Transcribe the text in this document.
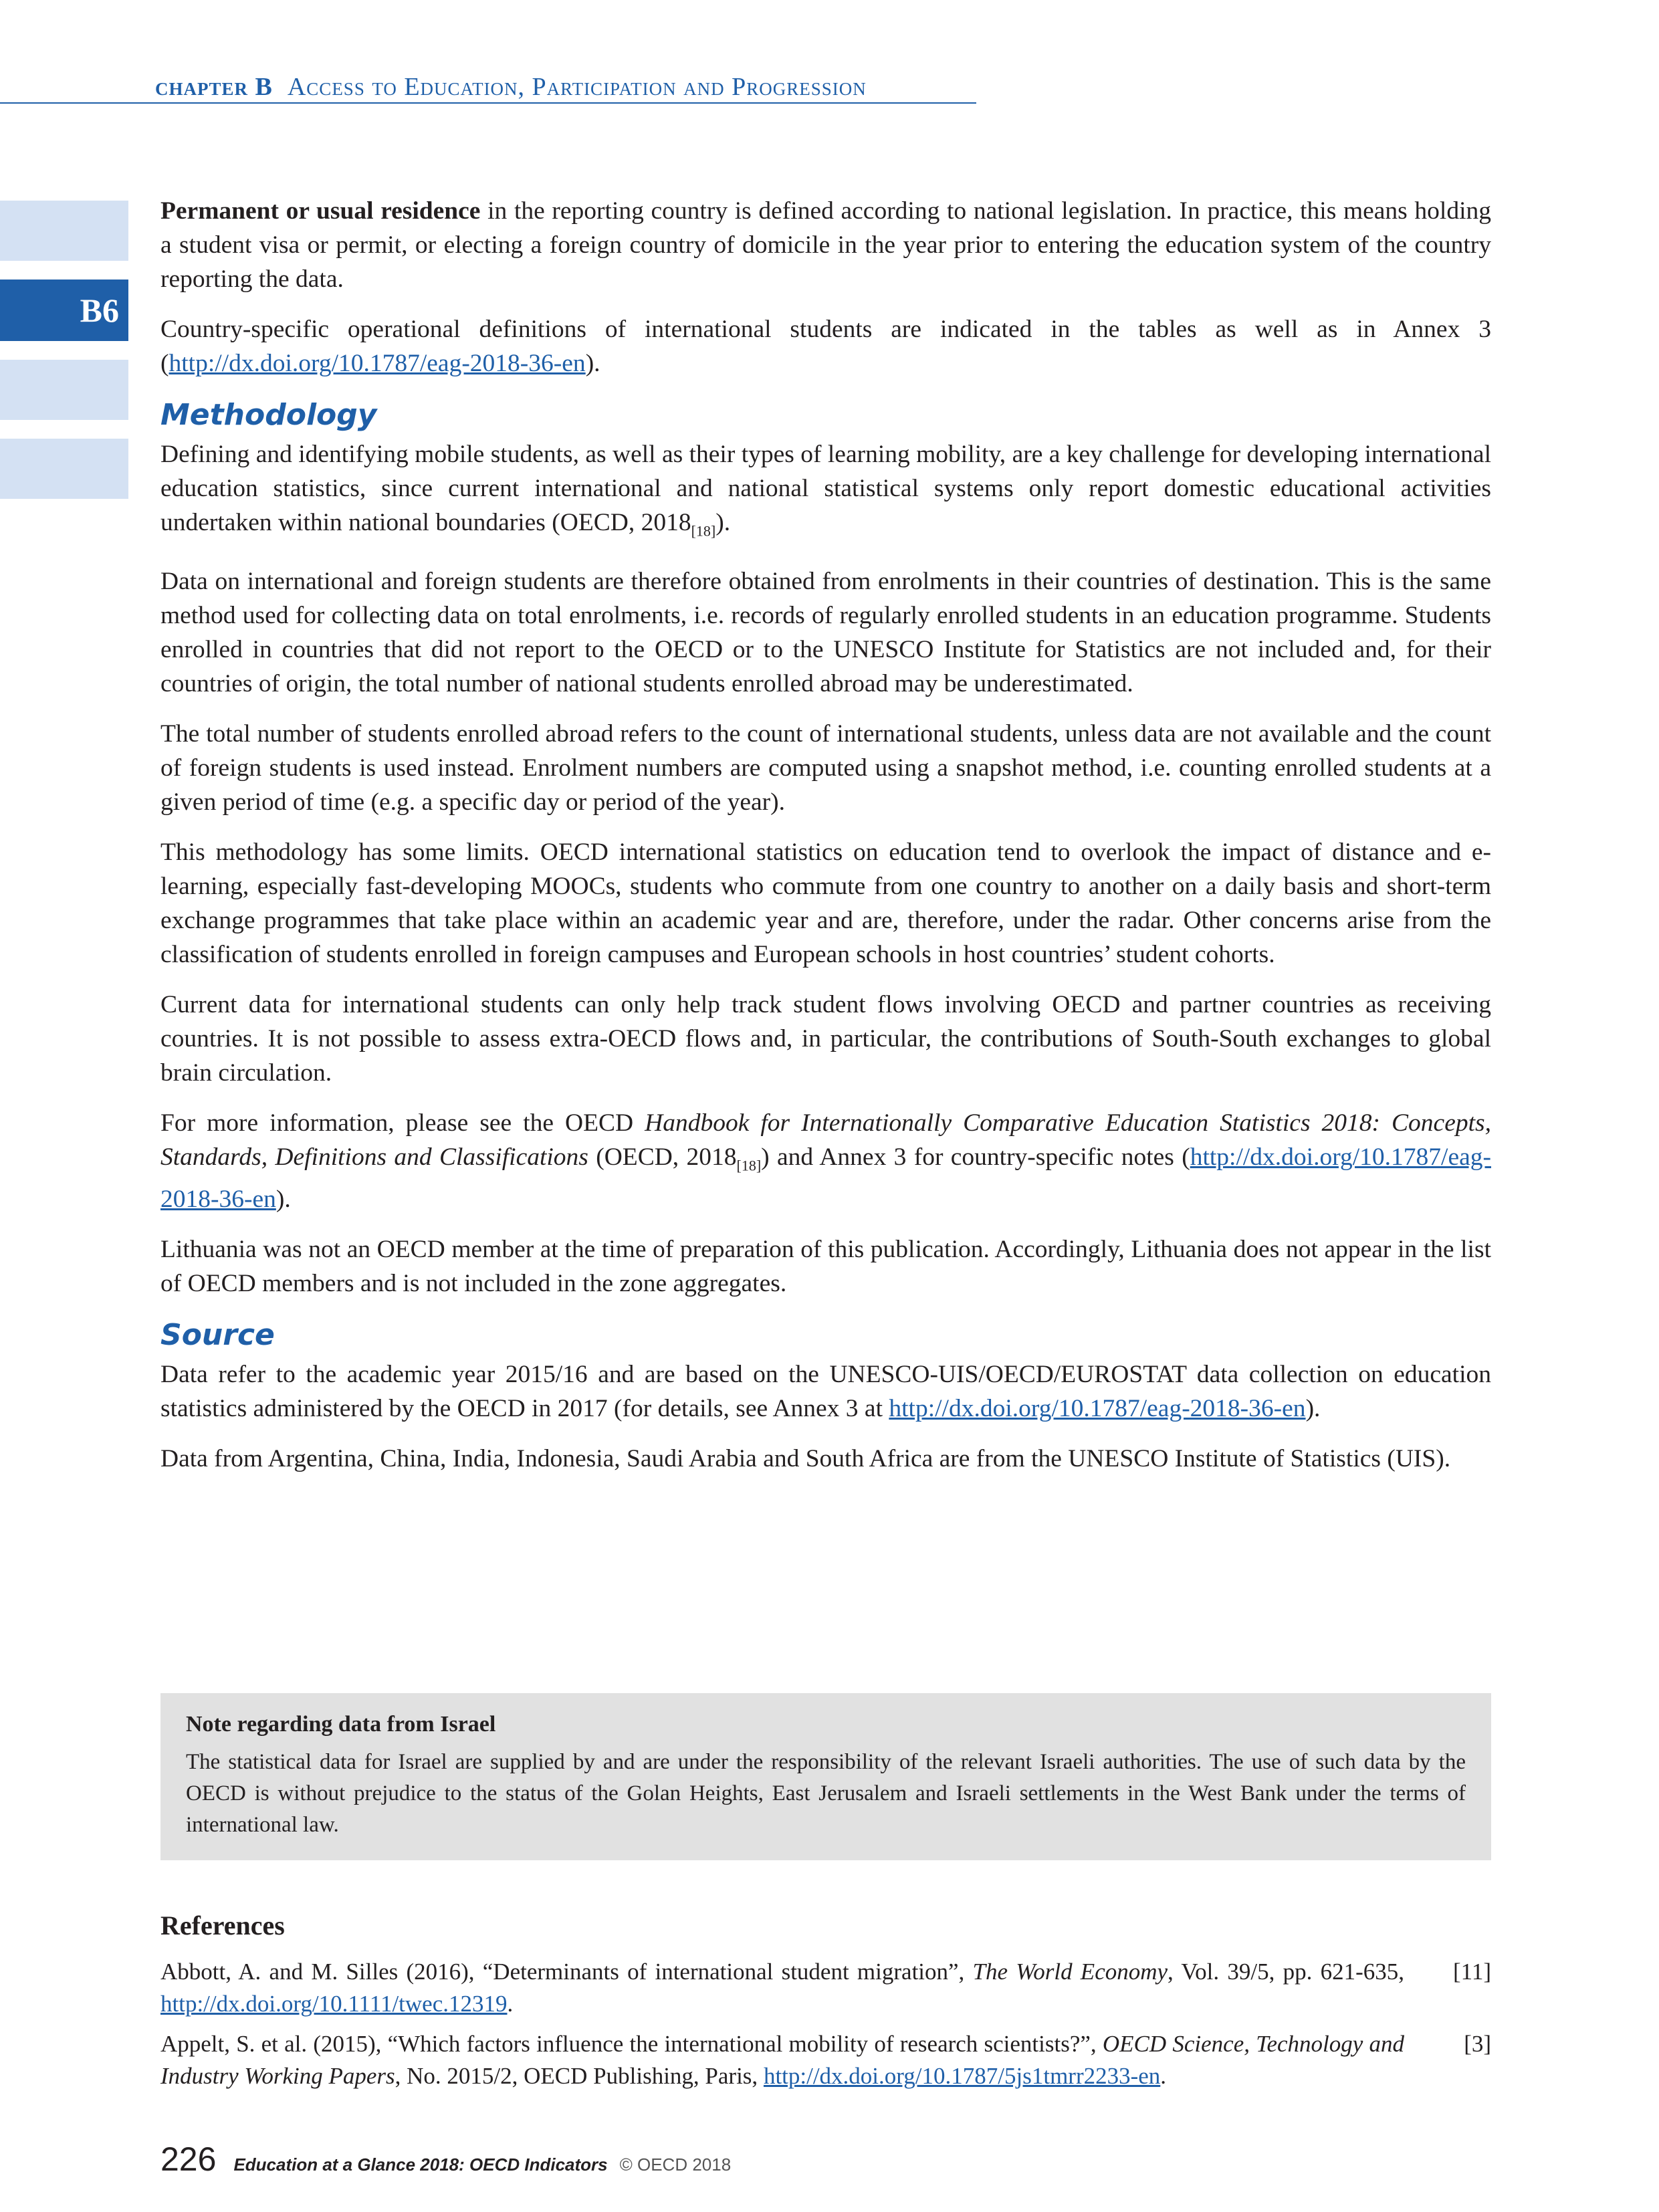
chapter B Access to Education, Participation and Progression
B6

Permanent or usual residence in the reporting country is defined according to national legislation. In practice, this means holding a student visa or permit, or electing a foreign country of domicile in the year prior to entering the education system of the country reporting the data.

Country-specific operational definitions of international students are indicated in the tables as well as in Annex 3 (http://dx.doi.org/10.1787/eag-2018-36-en).

Methodology

Defining and identifying mobile students, as well as their types of learning mobility, are a key challenge for developing international education statistics, since current international and national statistical systems only report domestic educational activities undertaken within national boundaries (OECD, $2018_{[18]}$).

Data on international and foreign students are therefore obtained from enrolments in their countries of destination. This is the same method used for collecting data on total enrolments, i.e. records of regularly enrolled students in an education programme. Students enrolled in countries that did not report to the OECD or to the UNESCO Institute for Statistics are not included and, for their countries of origin, the total number of national students enrolled abroad may be underestimated.

The total number of students enrolled abroad refers to the count of international students, unless data are not available and the count of foreign students is used instead. Enrolment numbers are computed using a snapshot method, i.e. counting enrolled students at a given period of time (e.g. a specific day or period of the year).

This methodology has some limits. OECD international statistics on education tend to overlook the impact of distance and e-learning, especially fast-developing MOOCs, students who commute from one country to another on a daily basis and short-term exchange programmes that take place within an academic year and are, therefore, under the radar. Other concerns arise from the classification of students enrolled in foreign campuses and European schools in host countries’ student cohorts.

Current data for international students can only help track student flows involving OECD and partner countries as receiving countries. It is not possible to assess extra-OECD flows and, in particular, the contributions of South-South exchanges to global brain circulation.

For more information, please see the OECD Handbook for Internationally Comparative Education Statistics 2018: Concepts, Standards, Definitions and Classifications (OECD, $2018_{[18]}$) and Annex 3 for country-specific notes (http://dx.doi.org/10.1787/eag-2018-36-en).

Lithuania was not an OECD member at the time of preparation of this publication. Accordingly, Lithuania does not appear in the list of OECD members and is not included in the zone aggregates.

Source

Data refer to the academic year 2015/16 and are based on the UNESCO-UIS/OECD/EUROSTAT data collection on education statistics administered by the OECD in 2017 (for details, see Annex 3 at http://dx.doi.org/10.1787/eag-2018-36-en).

Data from Argentina, China, India, Indonesia, Saudi Arabia and South Africa are from the UNESCO Institute of Statistics (UIS).

Note regarding data from Israel
The statistical data for Israel are supplied by and are under the responsibility of the relevant Israeli authorities. The use of such data by the OECD is without prejudice to the status of the Golan Heights, East Jerusalem and Israeli settlements in the West Bank under the terms of international law.
References
Abbott, A. and M. Silles (2016), “Determinants of international student migration”, The World Economy, Vol. 39/5, pp. 621-635, http://dx.doi.org/10.1111/twec.12319.
[11]
Appelt, S. et al. (2015), “Which factors influence the international mobility of research scientists?”, OECD Science, Technology and Industry Working Papers, No. 2015/2, OECD Publishing, Paris, http://dx.doi.org/10.1787/5js1tmrr2233-en.
[3]
226 Education at a Glance 2018: OECD Indicators © OECD 2018
